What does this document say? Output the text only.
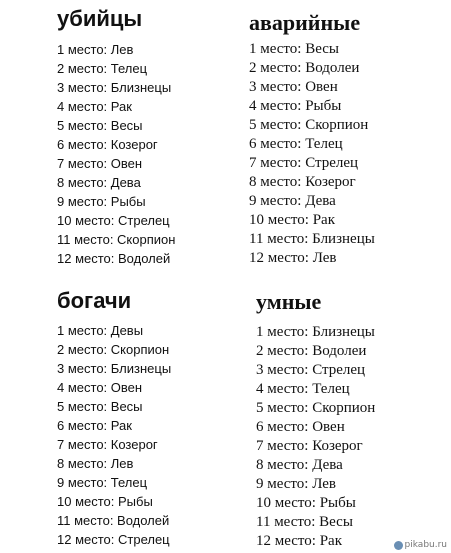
убийцы
1 место: Лев
2 место: Телец
3 место: Близнецы
4 место: Рак
5 место: Весы
6 место: Козерог
7 место: Овен
8 место: Дева
9 место: Рыбы
10 место: Стрелец
11 место: Скорпион
12 место: Водолей
аварийные
1 место: Весы
2 место: Водолеи
3 место: Овен
4 место: Рыбы
5 место: Скорпион
6 место: Телец
7 место: Стрелец
8 место: Козерог
9 место: Дева
10 место: Рак
11 место: Близнецы
12 место: Лев
богачи
1 место: Девы
2 место: Скорпион
3 место: Близнецы
4 место: Овен
5 место: Весы
6 место: Рак
7 место: Козерог
8 место: Лев
9 место: Телец
10 место: Рыбы
11 место: Водолей
12 место: Стрелец
умные
1 место: Близнецы
2 место: Водолеи
3 место: Стрелец
4 место: Телец
5 место: Скорпион
6 место: Овен
7 место: Козерог
8 место: Дева
9 место: Лев
10 место: Рыбы
11 место: Весы
12 место: Рак	pikabu.ru
